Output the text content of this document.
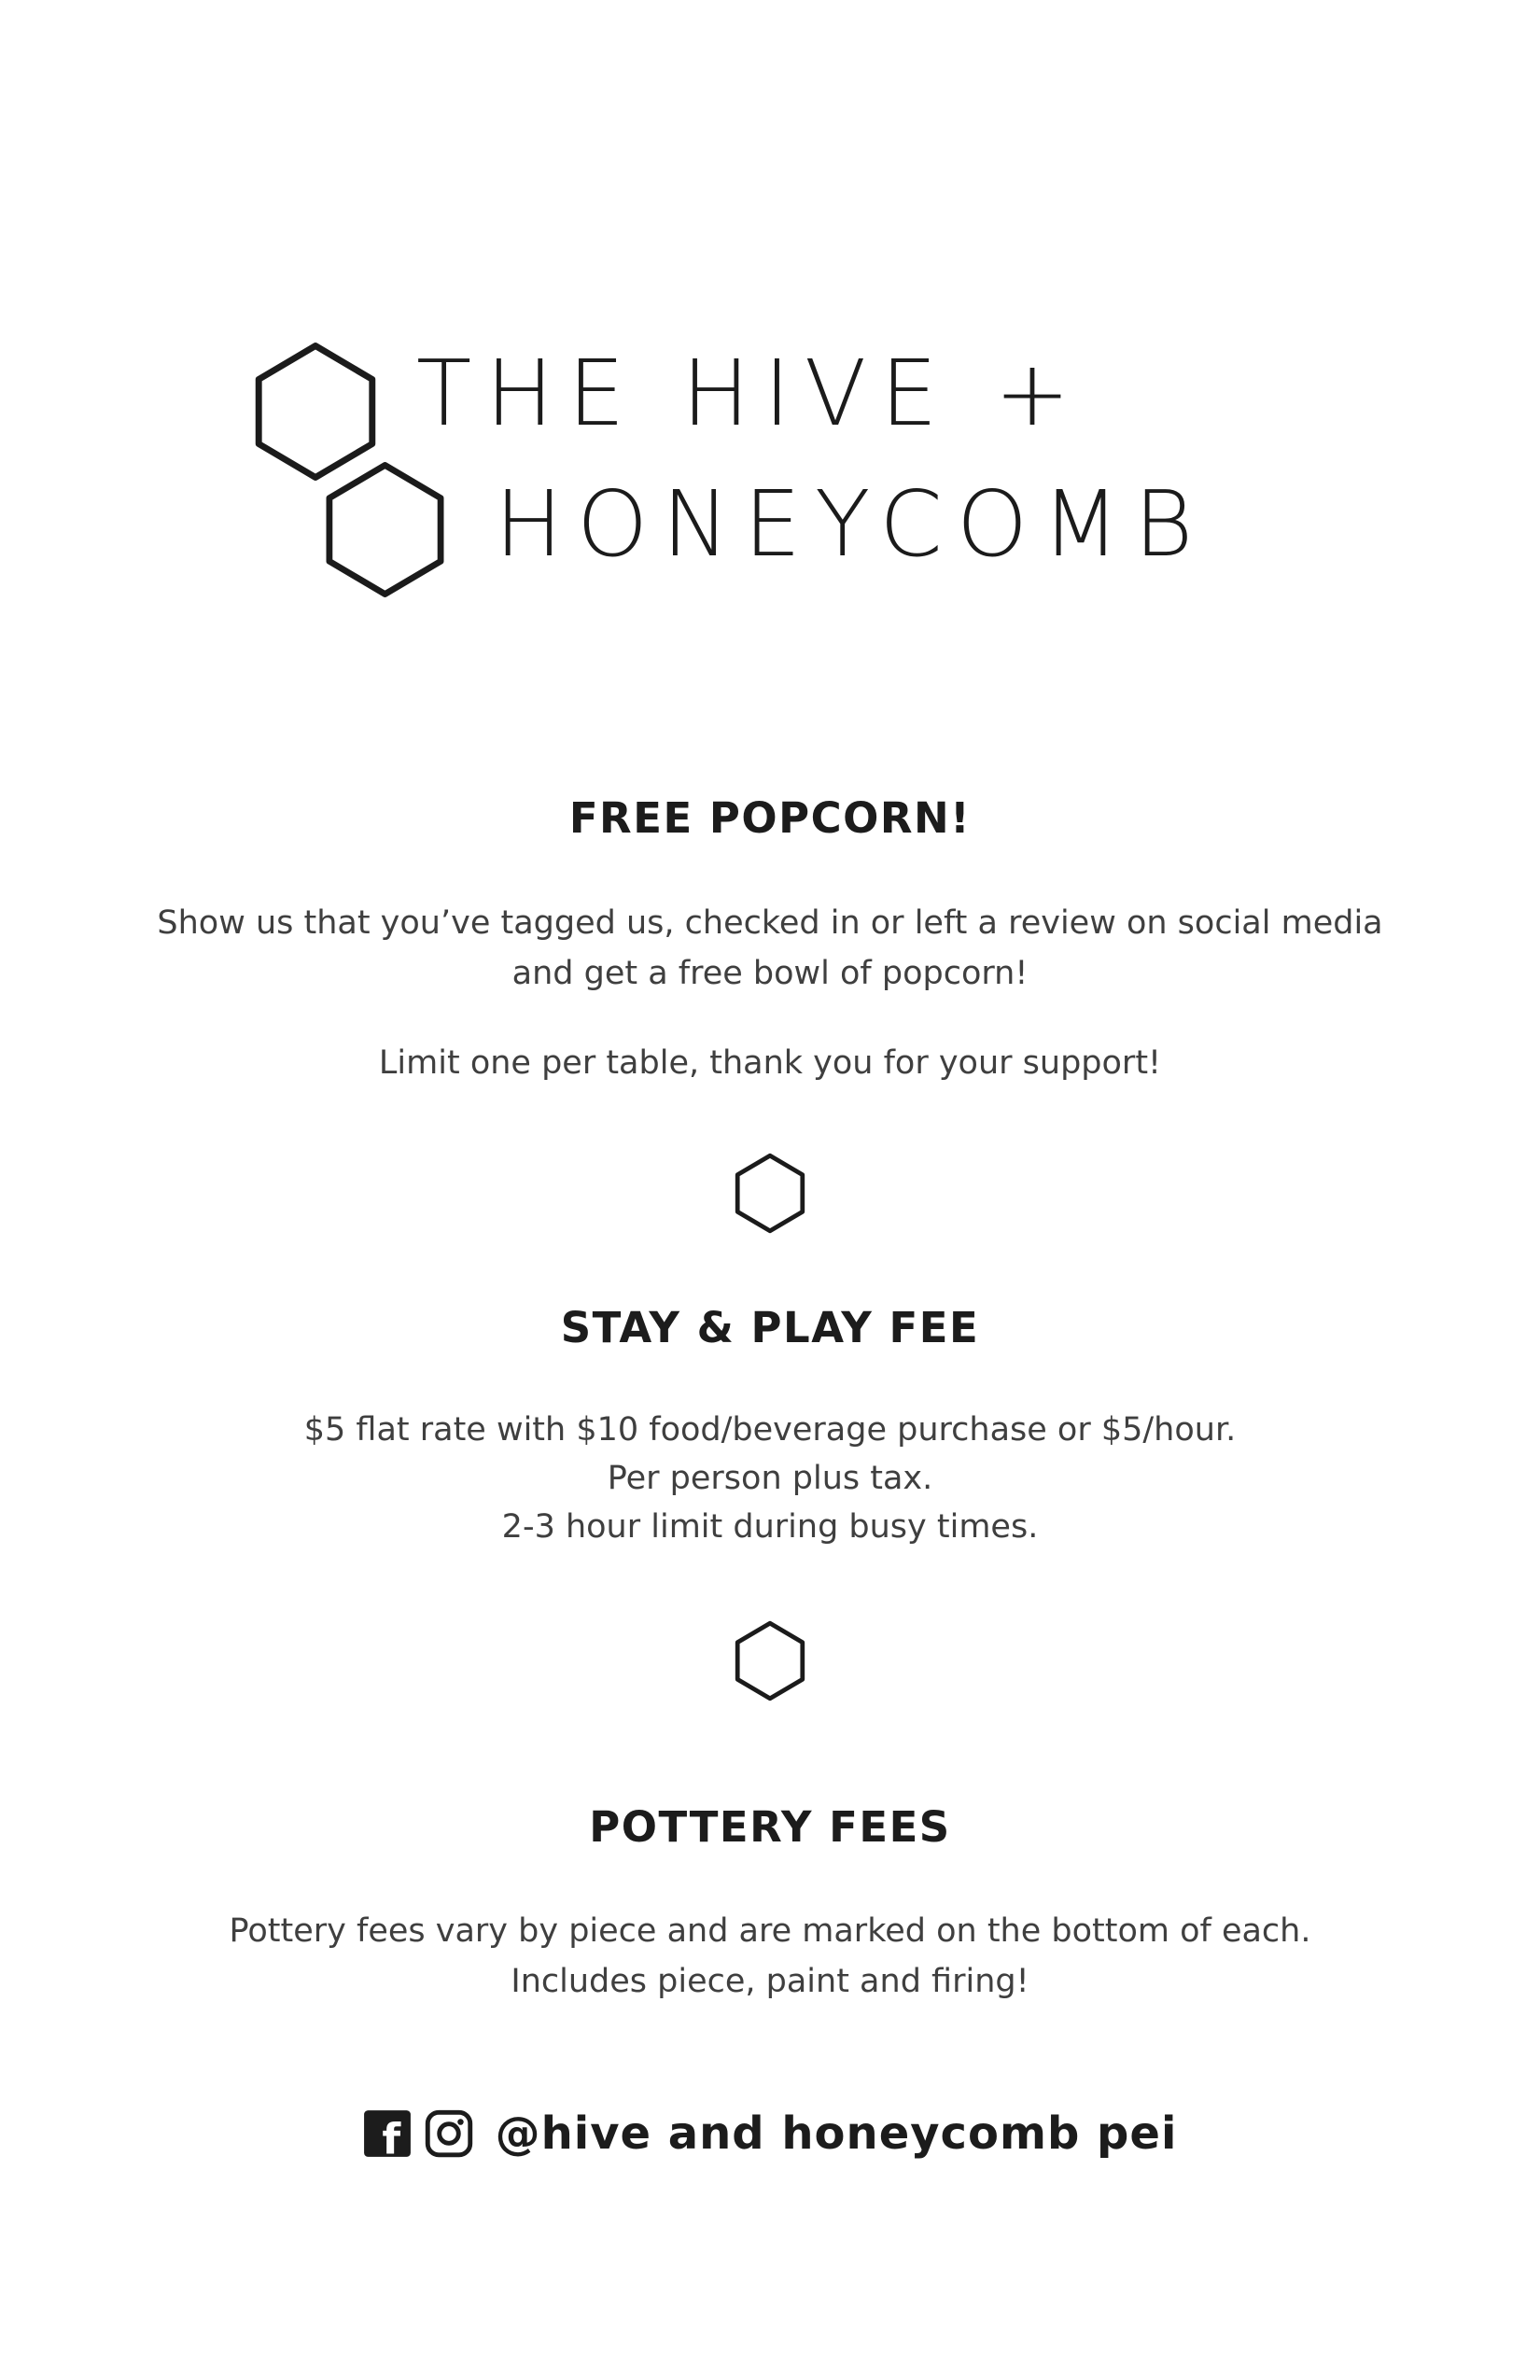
THE HIVE +
HONEYCOMB
FREE POPCORN!
Show us that you’ve tagged us, checked in or left a review on social media
and get a free bowl of popcorn!
Limit one per table, thank you for your support!
STAY & PLAY FEE
$5 flat rate with $10 food/beverage purchase or $5/hour.
Per person plus tax.
2-3 hour limit during busy times.
POTTERY FEES
Pottery fees vary by piece and are marked on the bottom of each.
Includes piece, paint and firing!
f @hive and honeycomb pei
